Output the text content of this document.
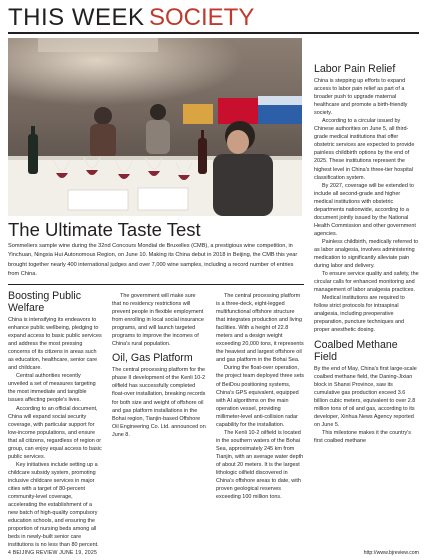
THIS WEEK SOCIETY
The Ultimate Taste Test

Sommeliers sample wine during the 32nd Concours Mondial de Bruxelles (CMB), a prestigious wine competition, in Yinchuan, Ningxia Hui Autonomous Region, on June 10. Making its China debut in 2018 in Beijing, the CMB this year brought together nearly 400 international judges and over 7,000 wine samples, including a record number of entries from China.

Boosting Public Welfare

China is intensifying its endeavors to enhance public wellbeing, pledging to expand access to basic public services and address the most pressing concerns of its citizens in areas such as education, healthcare, senior care and childcare.

Central authorities recently unveiled a set of measures targeting the most immediate and tangible issues affecting people's lives.

According to an official document, China will expand social security coverage, with particular support for low-income populations, and ensure that all citizens, regardless of region or group, can enjoy equal access to basic public services.

Key initiatives include setting up a childcare subsidy system, promoting inclusive childcare services in major cities with a target of 80-percent community-level coverage, accelerating the establishment of a new batch of high-quality compulsory education schools, and ensuring the proportion of nursing beds among all beds in newly-built senior care institutions is no less than 80 percent.

The government will make sure that no residency restrictions will prevent people in flexible employment from enrolling in local social insurance programs, and will launch targeted programs to improve the incomes of China's rural population.

Oil, Gas Platform

The central processing platform for the phase II development of the Kenli 10-2 oilfield has successfully completed float-over installation, breaking records for both size and weight of offshore oil and gas platform installations in the Bohai region, Tianjin-based Offshore Oil Engineering Co. Ltd. announced on June 8.

The central processing platform is a three-deck, eight-legged multifunctional offshore structure that integrates production and living facilities. With a height of 22.8 meters and a design weight exceeding 20,000 tons, it represents the heaviest and largest offshore oil and gas platform in the Bohai Sea.

During the float-over operation, the project team deployed three sets of BeiDou positioning systems, China's GPS equivalent, equipped with AI algorithms on the main operation vessel, providing millimeter-level anti-collision radar capability for the installation.

The Kenli 10-2 oilfield is located in the southern waters of the Bohai Sea, approximately 245 km from Tianjin, with an average water depth of about 20 meters. It is the largest lithologic oilfield discovered in China's offshore areas to date, with proven geological reserves exceeding 100 million tons.

Labor Pain Relief

China is stepping up efforts to expand access to labor pain relief as part of a broader push to upgrade maternal healthcare and promote a birth-friendly society.

According to a circular issued by Chinese authorities on June 5, all third-grade medical institutions that offer obstetric services are expected to provide painless childbirth options by the end of 2025. These institutions represent the highest level in China's three-tier hospital classification system.

By 2027, coverage will be extended to include all second-grade and higher medical institutions with obstetric departments nationwide, according to a document jointly issued by the National Health Commission and other government agencies.

Painless childbirth, medically referred to as labor analgesia, involves administering medication to significantly alleviate pain during labor and delivery.

To ensure service quality and safety, the circular calls for enhanced monitoring and management of labor analgesia practices.

Medical institutions are required to follow strict protocols for intraspinal analgesia, including preoperative preparation, puncture techniques and proper anesthetic dosing.

Coalbed Methane Field

By the end of May, China's first large-scale coalbed methane field, the Daning-Jixian block in Shanxi Province, saw its cumulative gas production exceed 3.6 billion cubic meters, equivalent to over 2.8 million tons of oil and gas, according to its developer, Xinhua News Agency reported on June 5.

This milestone makes it the country's first coalbed methane

4 BEIJING REVIEW JUNE 19, 2025	http://www.bjreview.com
